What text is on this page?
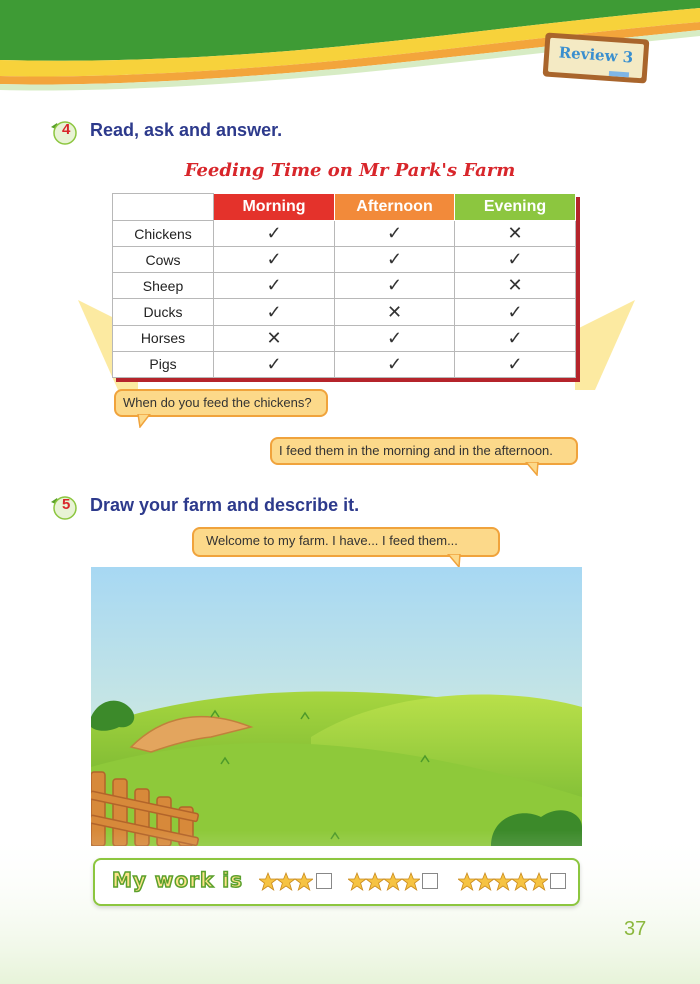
Review 3
4 Read, ask and answer.
Feeding Time on Mr Park's Farm
	Morning	Afternoon	Evening
Chickens	✓	✓	✕
Cows	✓	✓	✓
Sheep	✓	✓	✕
Ducks	✓	✕	✓
Horses	✕	✓	✓
Pigs	✓	✓	✓
When do you feed the chickens?
I feed them in the morning and in the afternoon.
5 Draw your farm and describe it.
Welcome to my farm. I have... I feed them...
My work is
37
